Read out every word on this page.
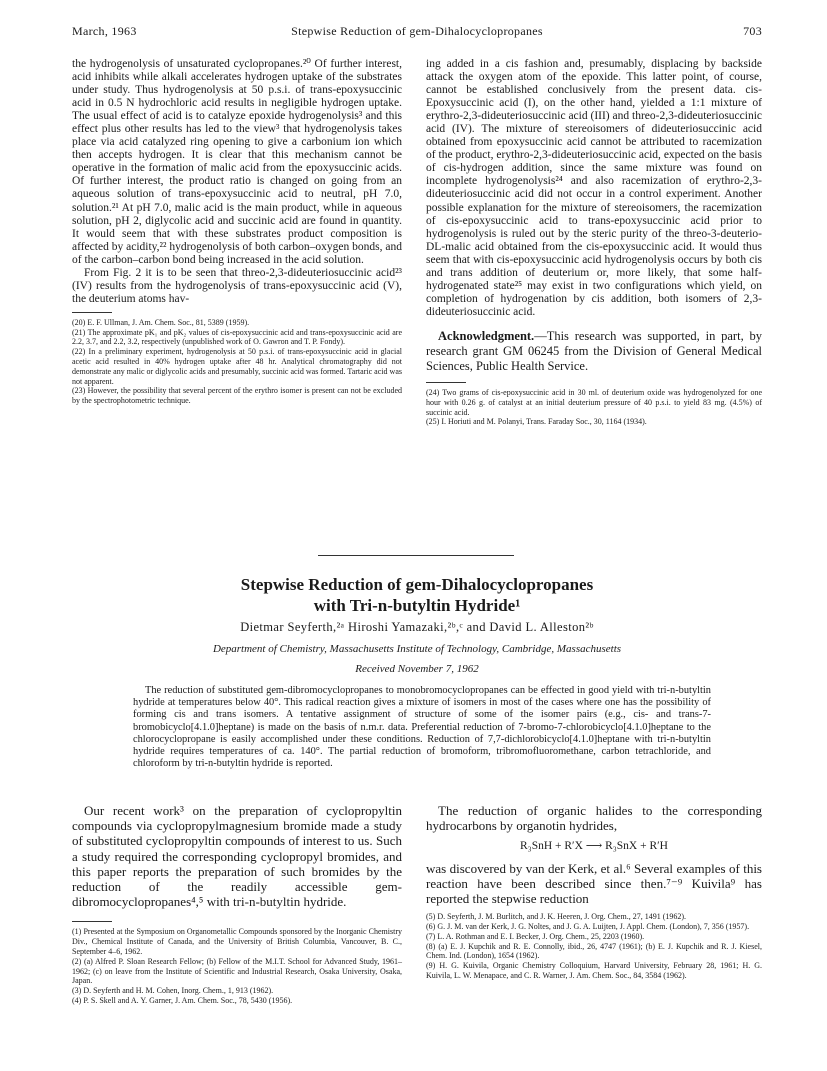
March, 1963	Stepwise Reduction of gem-Dihalocyclopropanes	703

the hydrogenolysis of unsaturated cyclopropanes.²⁰ Of further interest, acid inhibits while alkali accelerates hydrogen uptake of the substrates under study. Thus hydrogenolysis at 50 p.s.i. of trans-epoxysuccinic acid in 0.5 N hydrochloric acid results in negligible hydrogen uptake. The usual effect of acid is to catalyze epoxide hydrogenolysis³ and this effect plus other results has led to the view³ that hydrogenolysis takes place via acid catalyzed ring opening to give a carbonium ion which then accepts hydrogen. It is clear that this mechanism cannot be operative in the formation of malic acid from the epoxysuccinic acids. Of further interest, the product ratio is changed on going from an aqueous solution of trans-epoxysuccinic acid to neutral, pH 7.0, solution.²¹ At pH 7.0, malic acid is the main product, while in aqueous solution, pH 2, diglycolic acid and succinic acid are found in quantity. It would seem that with these substrates product composition is affected by acidity,²² hydrogenolysis of both carbon–oxygen bonds, and of the carbon–carbon bond being increased in the acid solution.

From Fig. 2 it is to be seen that threo-2,3-dideuteriosuccinic acid²³ (IV) results from the hydrogenolysis of trans-epoxysuccinic acid (V), the deuterium atoms hav-

(20) E. F. Ullman, J. Am. Chem. Soc., 81, 5389 (1959).

(21) The approximate pK₁ and pK₂ values of cis-epoxysuccinic acid and trans-epoxysuccinic acid are 2.2, 3.7, and 2.2, 3.2, respectively (unpublished work of O. Gawron and T. P. Fondy).

(22) In a preliminary experiment, hydrogenolysis at 50 p.s.i. of trans-epoxysuccinic acid in glacial acetic acid resulted in 40% hydrogen uptake after 48 hr. Analytical chromatography did not demonstrate any malic or diglycolic acids and presumably, succinic acid was formed. Tartaric acid was not apparent.

(23) However, the possibility that several percent of the erythro isomer is present can not be excluded by the spectrophotometric technique.

ing added in a cis fashion and, presumably, displacing by backside attack the oxygen atom of the epoxide. This latter point, of course, cannot be established conclusively from the present data. cis-Epoxysuccinic acid (I), on the other hand, yielded a 1:1 mixture of erythro-2,3-dideuteriosuccinic acid (III) and threo-2,3-dideuteriosuccinic acid (IV). The mixture of stereoisomers of dideuteriosuccinic acid obtained from epoxysuccinic acid cannot be attributed to racemization of the product, erythro-2,3-dideuteriosuccinic acid, expected on the basis of cis-hydrogen addition, since the same mixture was found on incomplete hydrogenolysis²⁴ and also racemization of erythro-2,3-dideuteriosuccinic acid did not occur in a control experiment. Another possible explanation for the mixture of stereoisomers, the racemization of cis-epoxysuccinic acid to trans-epoxysuccinic acid prior to hydrogenolysis is ruled out by the steric purity of the threo-3-deuterio-DL-malic acid obtained from the cis-epoxysuccinic acid. It would thus seem that with cis-epoxysuccinic acid hydrogenolysis occurs by both cis and trans addition of deuterium or, more likely, that some half-hydrogenated state²⁵ may exist in two configurations which yield, on completion of hydrogenation by cis addition, both isomers of 2,3-dideuteriosuccinic acid.

Acknowledgment.—This research was supported, in part, by research grant GM 06245 from the Division of General Medical Sciences, Public Health Service.

(24) Two grams of cis-epoxysuccinic acid in 30 ml. of deuterium oxide was hydrogenolyzed for one hour with 0.26 g. of catalyst at an initial deuterium pressure of 40 p.s.i. to yield 83 mg. (4.5%) of succinic acid.

(25) I. Horiuti and M. Polanyi, Trans. Faraday Soc., 30, 1164 (1934).

Stepwise Reduction of gem-Dihalocyclopropanes
with Tri-n-butyltin Hydride¹
Dietmar Seyferth,²ᵃ Hiroshi Yamazaki,²ᵇ,ᶜ and David L. Alleston²ᵇ
Department of Chemistry, Massachusetts Institute of Technology, Cambridge, Massachusetts
Received November 7, 1962

The reduction of substituted gem-dibromocyclopropanes to monobromocyclopropanes can be effected in good yield with tri-n-butyltin hydride at temperatures below 40°. This radical reaction gives a mixture of isomers in most of the cases where one has the possibility of forming cis and trans isomers. A tentative assignment of structure of some of the isomer pairs (e.g., cis- and trans-7-bromobicyclo[4.1.0]heptane) is made on the basis of n.m.r. data. Preferential reduction of 7-bromo-7-chlorobicyclo[4.1.0]heptane to the chlorocyclopropane is easily accomplished under these conditions. Reduction of 7,7-dichlorobicyclo[4.1.0]heptane with tri-n-butyltin hydride requires temperatures of ca. 140°. The partial reduction of bromoform, tribromofluoromethane, carbon tetrachloride, and chloroform by tri-n-butyltin hydride is reported.

Our recent work³ on the preparation of cyclopropyltin compounds via cyclopropylmagnesium bromide made a study of substituted cyclopropyltin compounds of interest to us. Such a study required the corresponding cyclopropyl bromides, and this paper reports the preparation of such bromides by the reduction of the readily accessible gem-dibromocyclopropanes⁴,⁵ with tri-n-butyltin hydride.

(1) Presented at the Symposium on Organometallic Compounds sponsored by the Inorganic Chemistry Div., Chemical Institute of Canada, and the University of British Columbia, Vancouver, B. C., September 4–6, 1962.

(2) (a) Alfred P. Sloan Research Fellow; (b) Fellow of the M.I.T. School for Advanced Study, 1961–1962; (c) on leave from the Institute of Scientific and Industrial Research, Osaka University, Osaka, Japan.

(3) D. Seyferth and H. M. Cohen, Inorg. Chem., 1, 913 (1962).

(4) P. S. Skell and A. Y. Garner, J. Am. Chem. Soc., 78, 5430 (1956).

The reduction of organic halides to the corresponding hydrocarbons by organotin hydrides,

R₃SnH + R′X ⟶ R₃SnX + R′H

was discovered by van der Kerk, et al.⁶ Several examples of this reaction have been described since then.⁷⁻⁹ Kuivila⁹ has reported the stepwise reduction

(5) D. Seyferth, J. M. Burlitch, and J. K. Heeren, J. Org. Chem., 27, 1491 (1962).

(6) G. J. M. van der Kerk, J. G. Noltes, and J. G. A. Luijten, J. Appl. Chem. (London), 7, 356 (1957).

(7) L. A. Rothman and E. I. Becker, J. Org. Chem., 25, 2203 (1960).

(8) (a) E. J. Kupchik and R. E. Connolly, ibid., 26, 4747 (1961); (b) E. J. Kupchik and R. J. Kiesel, Chem. Ind. (London), 1654 (1962).

(9) H. G. Kuivila, Organic Chemistry Colloquium, Harvard University, February 28, 1961; H. G. Kuivila, L. W. Menapace, and C. R. Warner, J. Am. Chem. Soc., 84, 3584 (1962).
